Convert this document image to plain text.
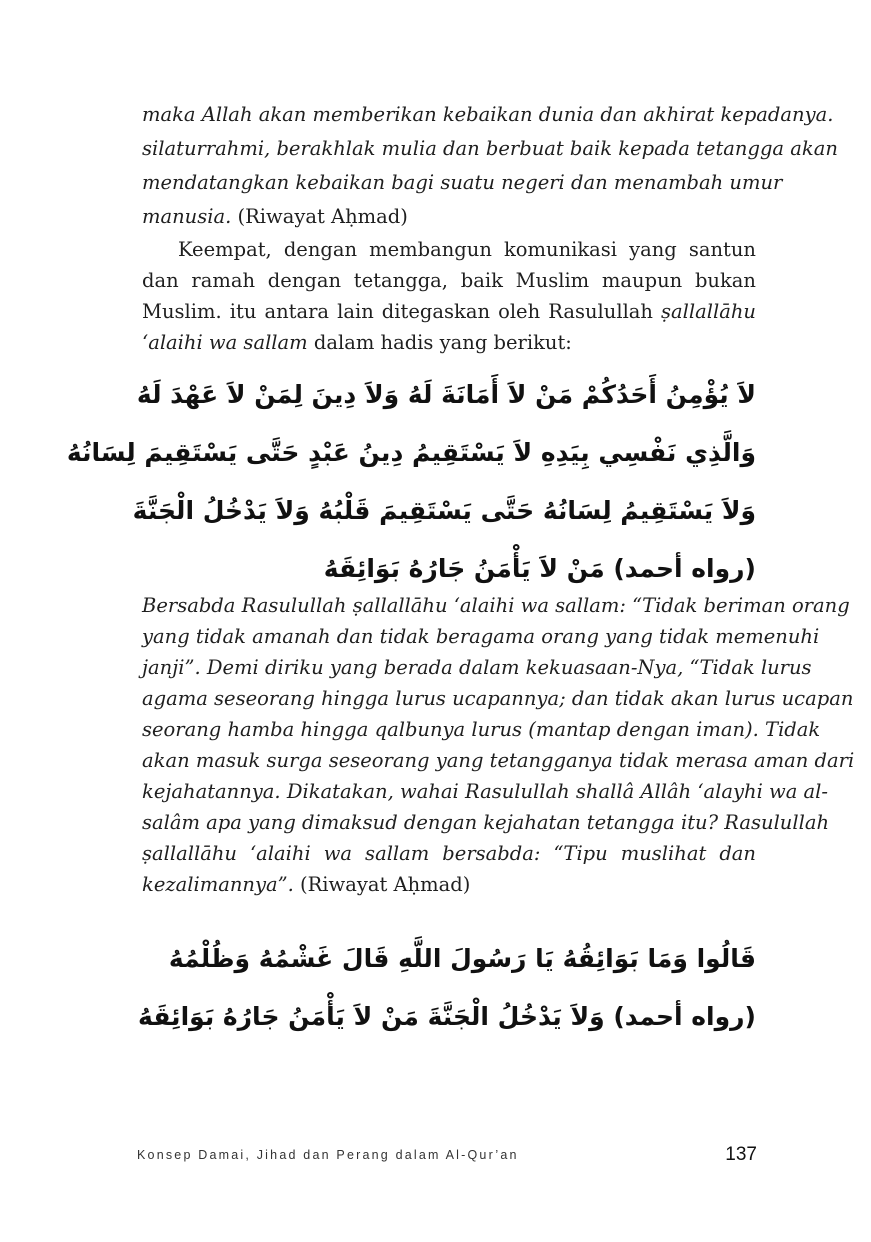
maka Allah akan memberikan kebaikan dunia dan akhirat kepadanya.
silaturrahmi, berakhlak mulia dan berbuat baik kepada tetangga akan
mendatangkan kebaikan bagi suatu negeri dan menambah umur
manusia. (Riwayat Aḥmad)
Keempat, dengan membangun komunikasi yang santun
dan ramah dengan tetangga, baik Muslim maupun bukan
Muslim. itu antara lain ditegaskan oleh Rasulullah ṣallallāhu
‘alaihi wa sallam dalam hadis yang berikut:
ﻻَ ﻳُﺆْﻣِﻦُ ﺃَﺣَﺪُﻛُﻢْ ﻣَﻦْ ﻻَ ﺃَﻣَﺎﻧَﺔَ ﻟَﻪُ ﻭَﻻَ ﺩِﻳﻦَ ﻟِﻤَﻦْ ﻻَ ﻋَﻬْﺪَ ﻟَﻪُ
ﻭَﺍﻟَّﺬِﻱ ﻧَﻔْﺴِﻲ ﺑِﻴَﺪِﻩِ ﻻَ ﻳَﺴْﺘَﻘِﻴﻢُ ﺩِﻳﻦُ ﻋَﺒْﺪٍ ﺣَﺘَّﻰ ﻳَﺴْﺘَﻘِﻴﻢَ ﻟِﺴَﺎﻧُﻪُ
ﻭَﻻَ ﻳَﺴْﺘَﻘِﻴﻢُ ﻟِﺴَﺎﻧُﻪُ ﺣَﺘَّﻰ ﻳَﺴْﺘَﻘِﻴﻢَ ﻗَﻠْﺒُﻪُ ﻭَﻻَ ﻳَﺪْﺧُﻞُ ﺍﻟْﺠَﻨَّﺔَ
(ﺭﻭﺍﻩ ﺃﺣﻤﺪ) ﻣَﻦْ ﻻَ ﻳَﺄْﻣَﻦُ ﺟَﺎﺭُﻩُ ﺑَﻮَﺍﺋِﻘَﻪُ
Bersabda Rasulullah ṣallallāhu ‘alaihi wa sallam: “Tidak beriman orang
yang tidak amanah dan tidak beragama orang yang tidak memenuhi
janji”. Demi diriku yang berada dalam kekuasaan-Nya, “Tidak lurus
agama seseorang hingga lurus ucapannya; dan tidak akan lurus ucapan
seorang hamba hingga qalbunya lurus (mantap dengan iman). Tidak
akan masuk surga seseorang yang tetangganya tidak merasa aman dari
kejahatannya. Dikatakan, wahai Rasulullah shallâ Allâh ‘alayhi wa al-
salâm apa yang dimaksud dengan kejahatan tetangga itu? Rasulullah
ṣallallāhu ‘alaihi wa sallam bersabda: “Tipu muslihat dan
kezalimannya”. (Riwayat Aḥmad)
ﻗَﺎﻟُﻮﺍ ﻭَﻣَﺎ ﺑَﻮَﺍﺋِﻘُﻪُ ﻳَﺎ ﺭَﺳُﻮﻝَ ﺍﻟﻠَّﻪِ ﻗَﺎﻝَ ﻏَﺸْﻤُﻪُ ﻭَﻇُﻠْﻤُﻪُ
(ﺭﻭﺍﻩ ﺃﺣﻤﺪ) ﻭَﻻَ ﻳَﺪْﺧُﻞُ ﺍﻟْﺠَﻨَّﺔَ ﻣَﻦْ ﻻَ ﻳَﺄْﻣَﻦُ ﺟَﺎﺭُﻩُ ﺑَﻮَﺍﺋِﻘَﻪُ
Konsep Damai, Jihad dan Perang dalam Al-Qur’an	137
